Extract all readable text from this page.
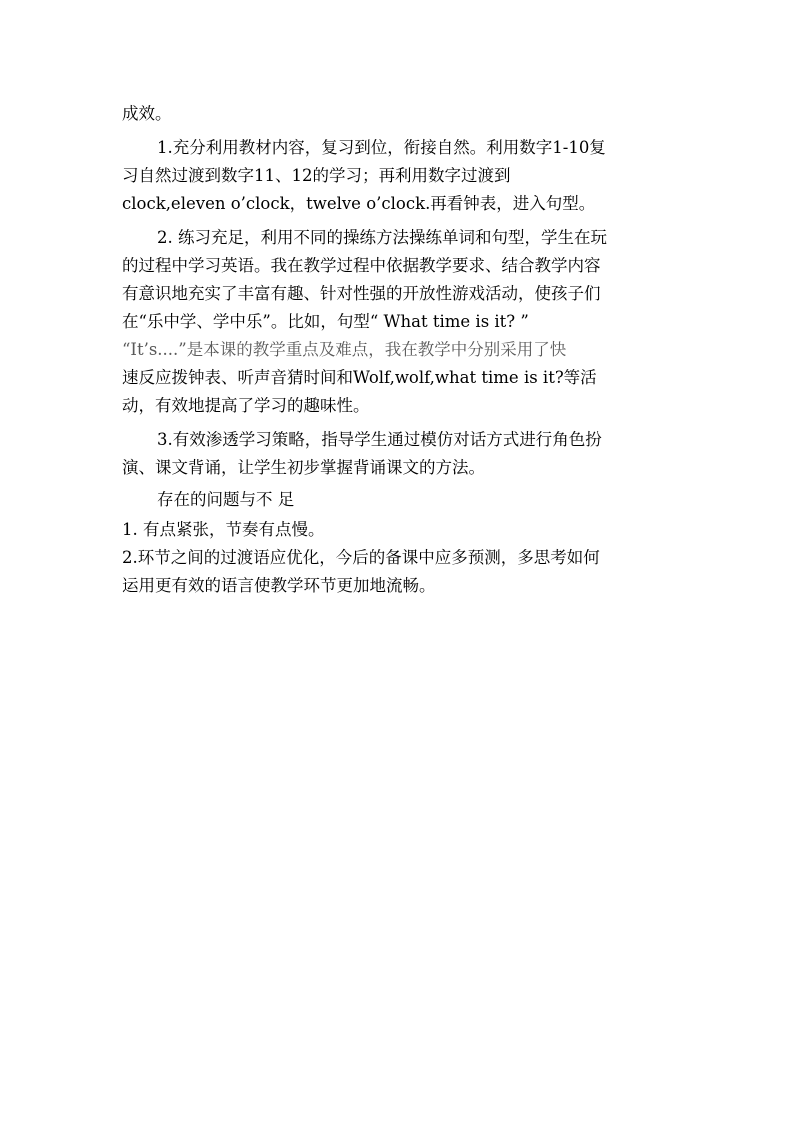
成效。

1.充分利用教材内容，复习到位，衔接自然。利用数字1-10复
习自然过渡到数字11、12的学习；再利用数字过渡到
clock,eleven o’clock，twelve o’clock.再看钟表，进入句型。

2. 练习充足，利用不同的操练方法操练单词和句型，学生在玩
的过程中学习英语。我在教学过程中依据教学要求、结合教学内容
有意识地充实了丰富有趣、针对性强的开放性游戏活动，使孩子们
在“乐中学、学中乐”。比如，句型“ What time is it? ”
“It’s....”是本课的教学重点及难点，我在教学中分别采用了快
速反应拨钟表、听声音猜时间和Wolf,wolf,what time is it?等活
动，有效地提高了学习的趣味性。

3.有效渗透学习策略，指导学生通过模仿对话方式进行角色扮
演、课文背诵，让学生初步掌握背诵课文的方法。

存在的问题与不 足

1. 有点紧张，节奏有点慢。

2.环节之间的过渡语应优化，今后的备课中应多预测，多思考如何
运用更有效的语言使教学环节更加地流畅。
